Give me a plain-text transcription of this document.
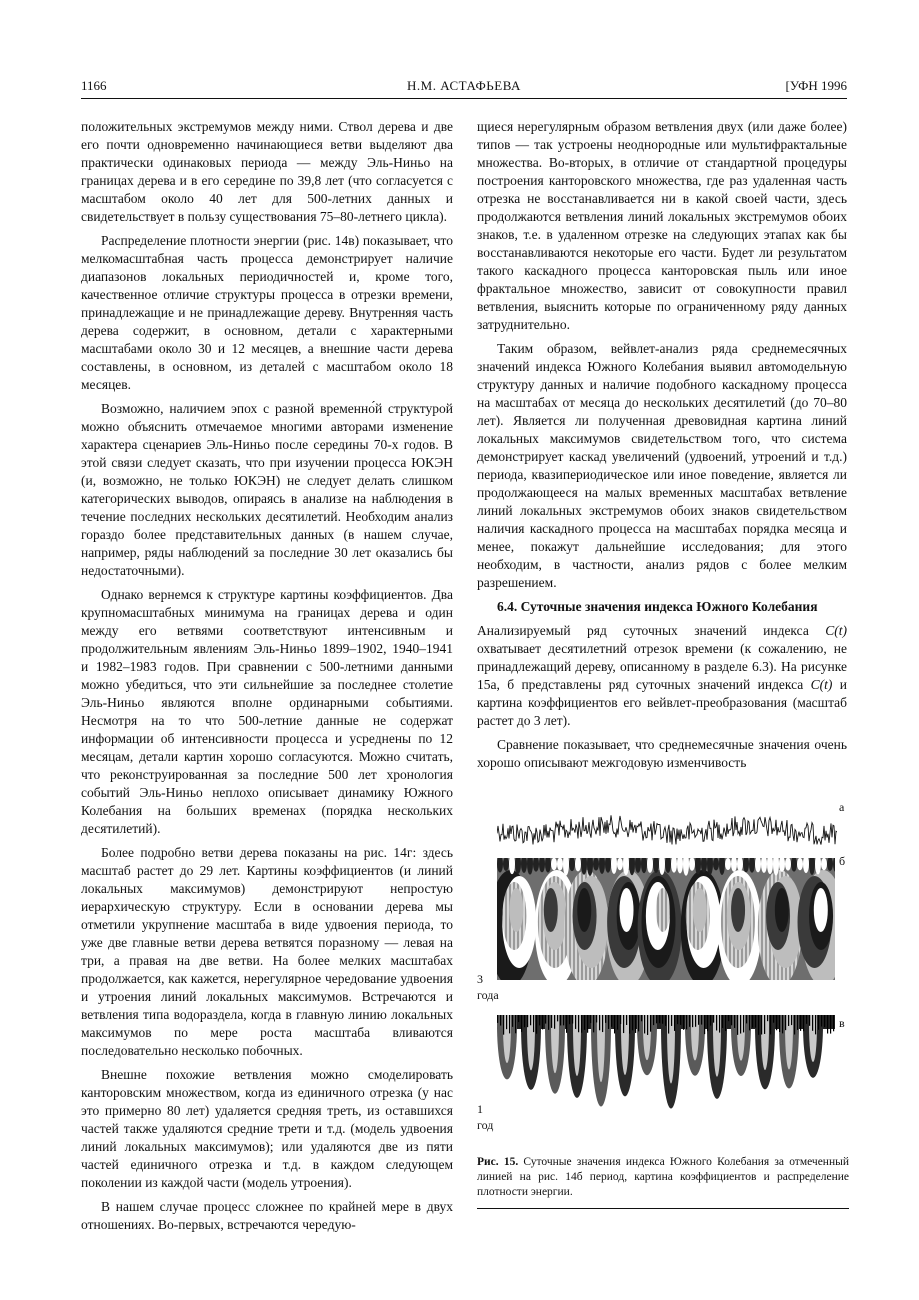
1166	Н.М. АСТАФЬЕВА	[УФН 1996

положительных экстремумов между ними. Ствол дерева и две его почти одновременно начинающиеся ветви выделяют два практически одинаковых периода — между Эль-Ниньо на границах дерева и в его середине по 39,8 лет (что согласуется с масштабом около 40 лет для 500-летних данных и свидетельствует в пользу существования 75–80-летнего цикла).

Распределение плотности энергии (рис. 14в) показывает, что мелкомасштабная часть процесса демонстрирует наличие диапазонов локальных периодичностей и, кроме того, качественное отличие структуры процесса в отрезки времени, принадлежащие и не принадлежащие дереву. Внутренняя часть дерева содержит, в основном, детали с характерными масштабами около 30 и 12 месяцев, а внешние части дерева составлены, в основном, из деталей с масштабом около 18 месяцев.

Возможно, наличием эпох с разной временно́й структурой можно объяснить отмечаемое многими авторами изменение характера сценариев Эль-Ниньо после середины 70-х годов. В этой связи следует сказать, что при изучении процесса ЮКЭН (и, возможно, не только ЮКЭН) не следует делать слишком категорических выводов, опираясь в анализе на наблюдения в течение последних нескольких десятилетий. Необходим анализ гораздо более представительных данных (в нашем случае, например, ряды наблюдений за последние 30 лет оказались бы недостаточными).

Однако вернемся к структуре картины коэффициентов. Два крупномасштабных минимума на границах дерева и один между его ветвями соответствуют интенсивным и продолжительным явлениям Эль-Ниньо 1899–1902, 1940–1941 и 1982–1983 годов. При сравнении с 500-летними данными можно убедиться, что эти сильнейшие за последнее столетие Эль-Ниньо являются вполне ординарными событиями. Несмотря на то что 500-летние данные не содержат информации об интенсивности процесса и усреднены по 12 месяцам, детали картин хорошо согласуются. Можно считать, что реконструированная за последние 500 лет хронология событий Эль-Ниньо неплохо описывает динамику Южного Колебания на больших временах (порядка нескольких десятилетий).

Более подробно ветви дерева показаны на рис. 14г: здесь масштаб растет до 29 лет. Картины коэффициентов (и линий локальных максимумов) демонстрируют непростую иерархическую структуру. Если в основании дерева мы отметили укрупнение масштаба в виде удвоения периода, то уже две главные ветви дерева ветвятся поразному — левая на три, а правая на две ветви. На более мелких масштабах продолжается, как кажется, нерегулярное чередование удвоения и утроения линий локальных максимумов. Встречаются и ветвления типа водораздела, когда в главную линию локальных максимумов по мере роста масштаба вливаются последовательно несколько побочных.

Внешне похожие ветвления можно смоделировать канторовским множеством, когда из единичного отрезка (у нас это примерно 80 лет) удаляется средняя треть, из оставшихся частей также удаляются средние трети и т.д. (модель удвоения линий локальных максимумов); или удаляются две из пяти частей единичного отрезка и т.д. в каждом следующем поколении из каждой части (модель утроения).

В нашем случае процесс сложнее по крайней мере в двух отношениях. Во-первых, встречаются чередую-

щиеся нерегулярным образом ветвления двух (или даже более) типов — так устроены неоднородные или мультифрактальные множества. Во-вторых, в отличие от стандартной процедуры построения канторовского множества, где раз удаленная часть отрезка не восстанавливается ни в какой своей части, здесь продолжаются ветвления линий локальных экстремумов обоих знаков, т.е. в удаленном отрезке на следующих этапах как бы восстанавливаются некоторые его части. Будет ли результатом такого каскадного процесса канторовская пыль или иное фрактальное множество, зависит от совокупности правил ветвления, выяснить которые по ограниченному ряду данных затруднительно.

Таким образом, вейвлет-анализ ряда среднемесячных значений индекса Южного Колебания выявил автомодельную структуру данных и наличие подобного каскадному процесса на масштабах от месяца до нескольких десятилетий (до 70–80 лет). Является ли полученная древовидная картина линий локальных максимумов свидетельством того, что система демонстрирует каскад увеличений (удвоений, утроений и т.д.) периода, квазипериодическое или иное поведение, является ли продолжающееся на малых временных масштабах ветвление линий локальных экстремумов обоих знаков свидетельством наличия каскадного процесса на масштабах порядка месяца и менее, покажут дальнейшие исследования; для этого необходим, в частности, анализ рядов с более мелким разрешением.

6.4. Суточные значения индекса Южного Колебания

Анализируемый ряд суточных значений индекса C(t) охватывает десятилетний отрезок времени (к сожалению, не принадлежащий дереву, описанному в разделе 6.3). На рисунке 15а, б представлены ряд суточных значений индекса C(t) и картина коэффициентов его вейвлет-преобразования (масштаб растет до 3 лет).

Сравнение показывает, что среднемесячные значения очень хорошо описывают межгодовую изменчивость

а
б
3
года
в
1
год
Рис. 15. Суточные значения индекса Южного Колебания за отмеченный линией на рис. 14б период, картина коэффициентов и распределение плотности энергии.
